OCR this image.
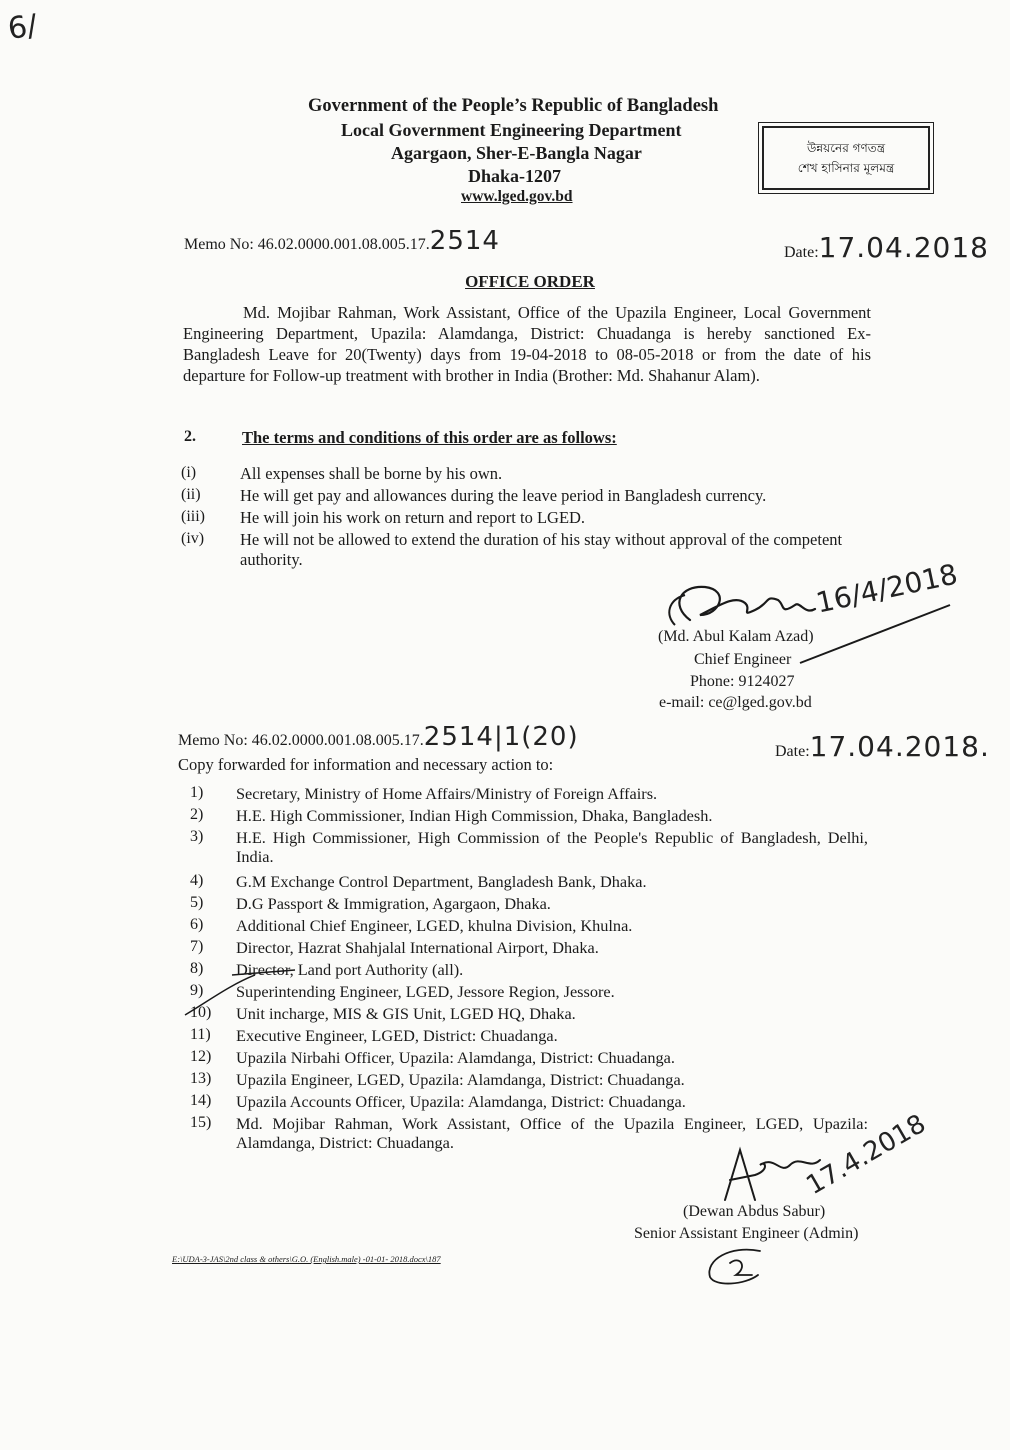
6/
Government of the People’s Republic of Bangladesh
Local Government Engineering Department
Agargaon, Sher-E-Bangla Nagar
Dhaka-1207
www.lged.gov.bd
উন্নয়নের গণতন্ত্র
শেখ হাসিনার মূলমন্ত্র
Memo No: 46.02.0000.001.08.005.17.2514	Date:17.04.2018
OFFICE ORDER
Md. Mojibar Rahman, Work Assistant, Office of the Upazila Engineer, Local Government Engineering Department, Upazila: Alamdanga, District: Chuadanga is hereby sanctioned Ex-Bangladesh Leave for 20(Twenty) days from 19-04-2018 to 08-05-2018 or from the date of his departure for Follow-up treatment with brother in India (Brother: Md. Shahanur Alam).
2.	The terms and conditions of this order are as follows:
(i)	All expenses shall be borne by his own.
(ii) He will get pay and allowances during the leave period in Bangladesh currency.
(iii) He will join his work on return and report to LGED.
(iv) He will not be allowed to extend the duration of his stay without approval of the competent authority.	16/4/2018
(Md. Abul Kalam Azad)
Chief Engineer
Phone: 9124027
e-mail: ce@lged.gov.bd
Memo No: 46.02.0000.001.08.005.17.2514|1(20)	Date:17.04.2018.
Copy forwarded for information and necessary action to:
1)	Secretary, Ministry of Home Affairs/Ministry of Foreign Affairs.
2)	H.E. High Commissioner, Indian High Commission, Dhaka, Bangladesh.
3)	H.E. High Commissioner, High Commission of the People's Republic of Bangladesh, Delhi, India.
4)	G.M Exchange Control Department, Bangladesh Bank, Dhaka.
5)	D.G Passport & Immigration, Agargaon, Dhaka.
6)	Additional Chief Engineer, LGED, khulna Division, Khulna.
7)	Director, Hazrat Shahjalal International Airport, Dhaka.
8)	Director, Land port Authority (all).
9)	Superintending Engineer, LGED, Jessore Region, Jessore.
10)	Unit incharge, MIS & GIS Unit, LGED HQ, Dhaka.
11)	Executive Engineer, LGED, District: Chuadanga.
12)	Upazila Nirbahi Officer, Upazila: Alamdanga, District: Chuadanga.
13)	Upazila Engineer, LGED, Upazila: Alamdanga, District: Chuadanga.
14)	Upazila Accounts Officer, Upazila: Alamdanga, District: Chuadanga.
15)	Md. Mojibar Rahman, Work Assistant, Office of the Upazila Engineer, LGED, Upazila: Alamdanga, District: Chuadanga.	17.4.2018
(Dewan Abdus Sabur)
Senior Assistant Engineer (Admin)
E:\UDA-3-JAS\2nd class & others\G.O. (English.male) -01-01- 2018.docx\187
